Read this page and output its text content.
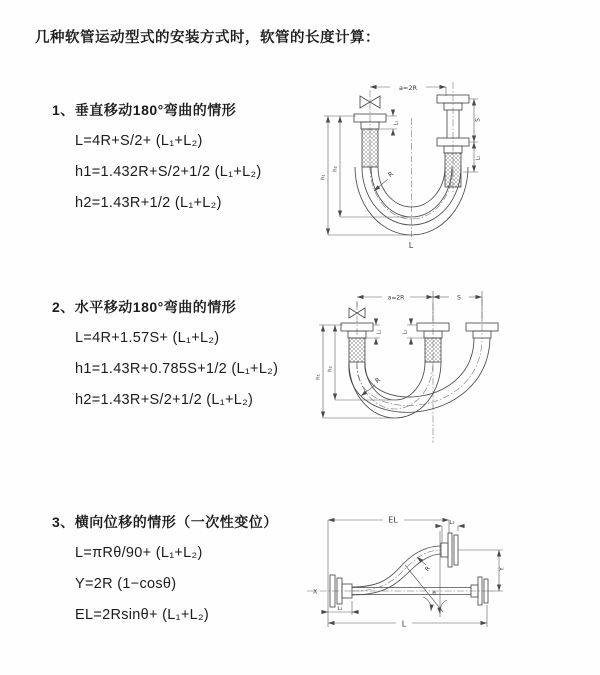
几种软管运动型式的安装方式时，软管的长度计算：
1、垂直移动180°弯曲的情形
L=4R+S/2+ (L₁+L₂)
h1=1.432R+S/2+1/2 (L₁+L₂)
h2=1.43R+1/2 (L₁+L₂)
2、水平移动180°弯曲的情形
L=4R+1.57S+ (L₁+L₂)
h1=1.43R+0.785S+1/2 (L₁+L₂)
h2=1.43R+S/2+1/2 (L₁+L₂)
3、横向位移的情形（一次性变位）
L=πRθ/90+ (L₁+L₂)
Y=2R (1−cosθ)
EL=2Rsinθ+ (L₁+L₂)
a=2R
h₁
h₂
L₁
S
L₂
R
L
a=2R	S
h₁
h₂
L₁	L₂
R
EL	L₂
θ
R	Y
L
L₁
X
